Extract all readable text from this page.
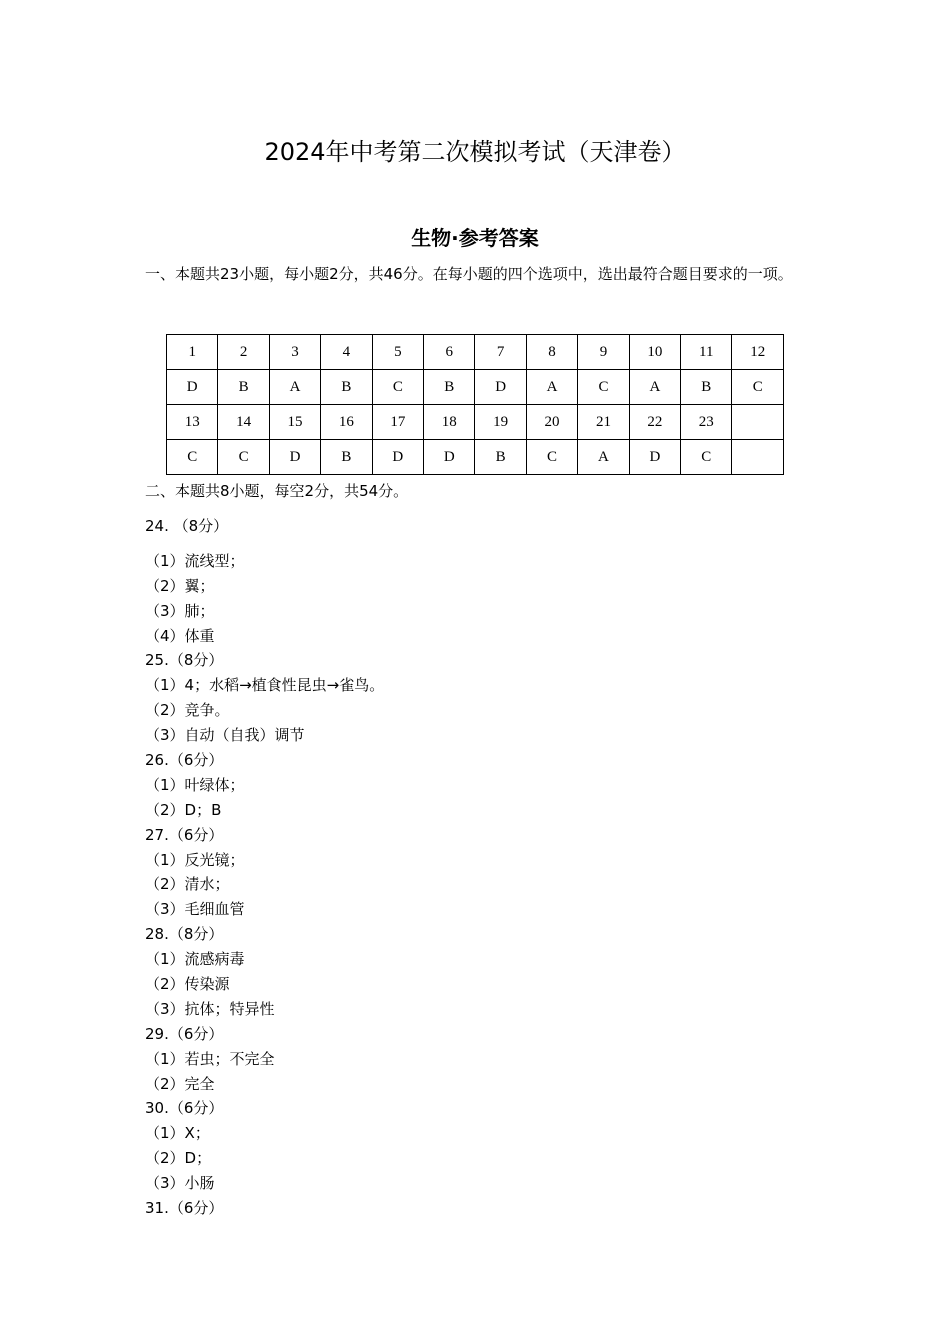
2024年中考第二次模拟考试（天津卷）
生物·参考答案
一、本题共23小题，每小题2分，共46分。在每小题的四个选项中，选出最符合题目要求的一项。
1	2	3	4	5	6	7	8	9	10	11	12
D	B	A	B	C	B	D	A	C	A	B	C
13	14	15	16	17	18	19	20	21	22	23	
C	C	D	B	D	D	B	C	A	D	C	
二、本题共8小题，每空2分，共54分。
24. （8分）
（1）流线型；
（2）翼；
（3）肺；
（4）体重
25.（8分）
（1）4；水稻→植食性昆虫→雀鸟。
（2）竞争。
（3）自动（自我）调节
26.（6分）
（1）叶绿体；
（2）D；B
27.（6分）
（1）反光镜；
（2）清水；
（3）毛细血管
28.（8分）
（1）流感病毒
（2）传染源
（3）抗体；特异性
29.（6分）
（1）若虫；不完全
（2）完全
30.（6分）
（1）X；
（2）D；
（3）小肠
31.（6分）
